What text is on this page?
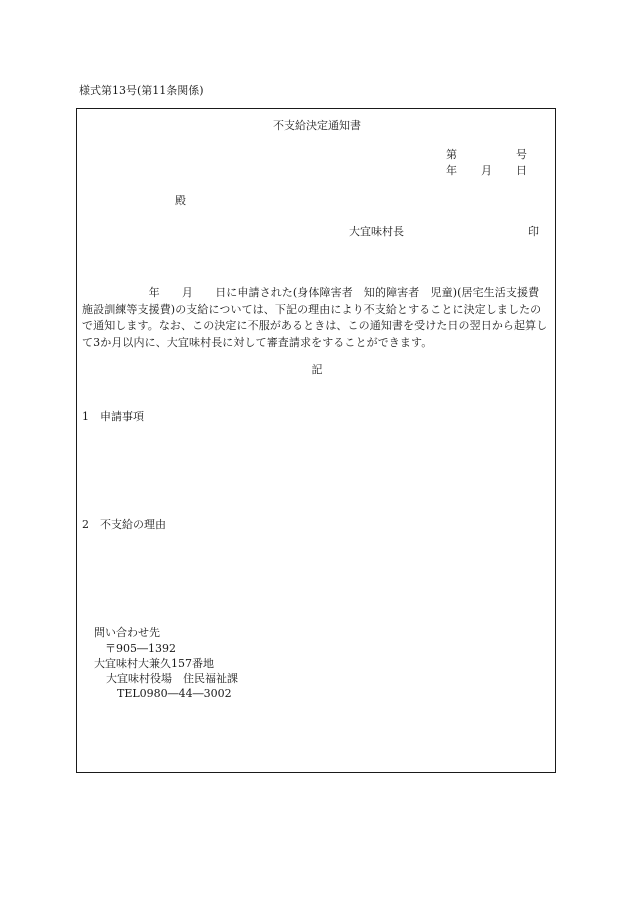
様式第13号(第11条関係)
不支給決定通知書
第	号
年 月 日
殿
大宜味村長	印
　　　　　　年　　月　　日に申請された(身体障害者　知的障害者　児童)(居宅生活支援費　施設訓練等支援費)の支給については、下記の理由により不支給とすることに決定しましたので通知します。なお、この決定に不服があるときは、この通知書を受けた日の翌日から起算して3か月以内に、大宜味村長に対して審査請求をすることができます。
記
1　申請事項
2　不支給の理由
問い合わせ先
〒905―1392
大宜味村大兼久157番地
大宜味村役場　住民福祉課
TEL0980―44―3002
